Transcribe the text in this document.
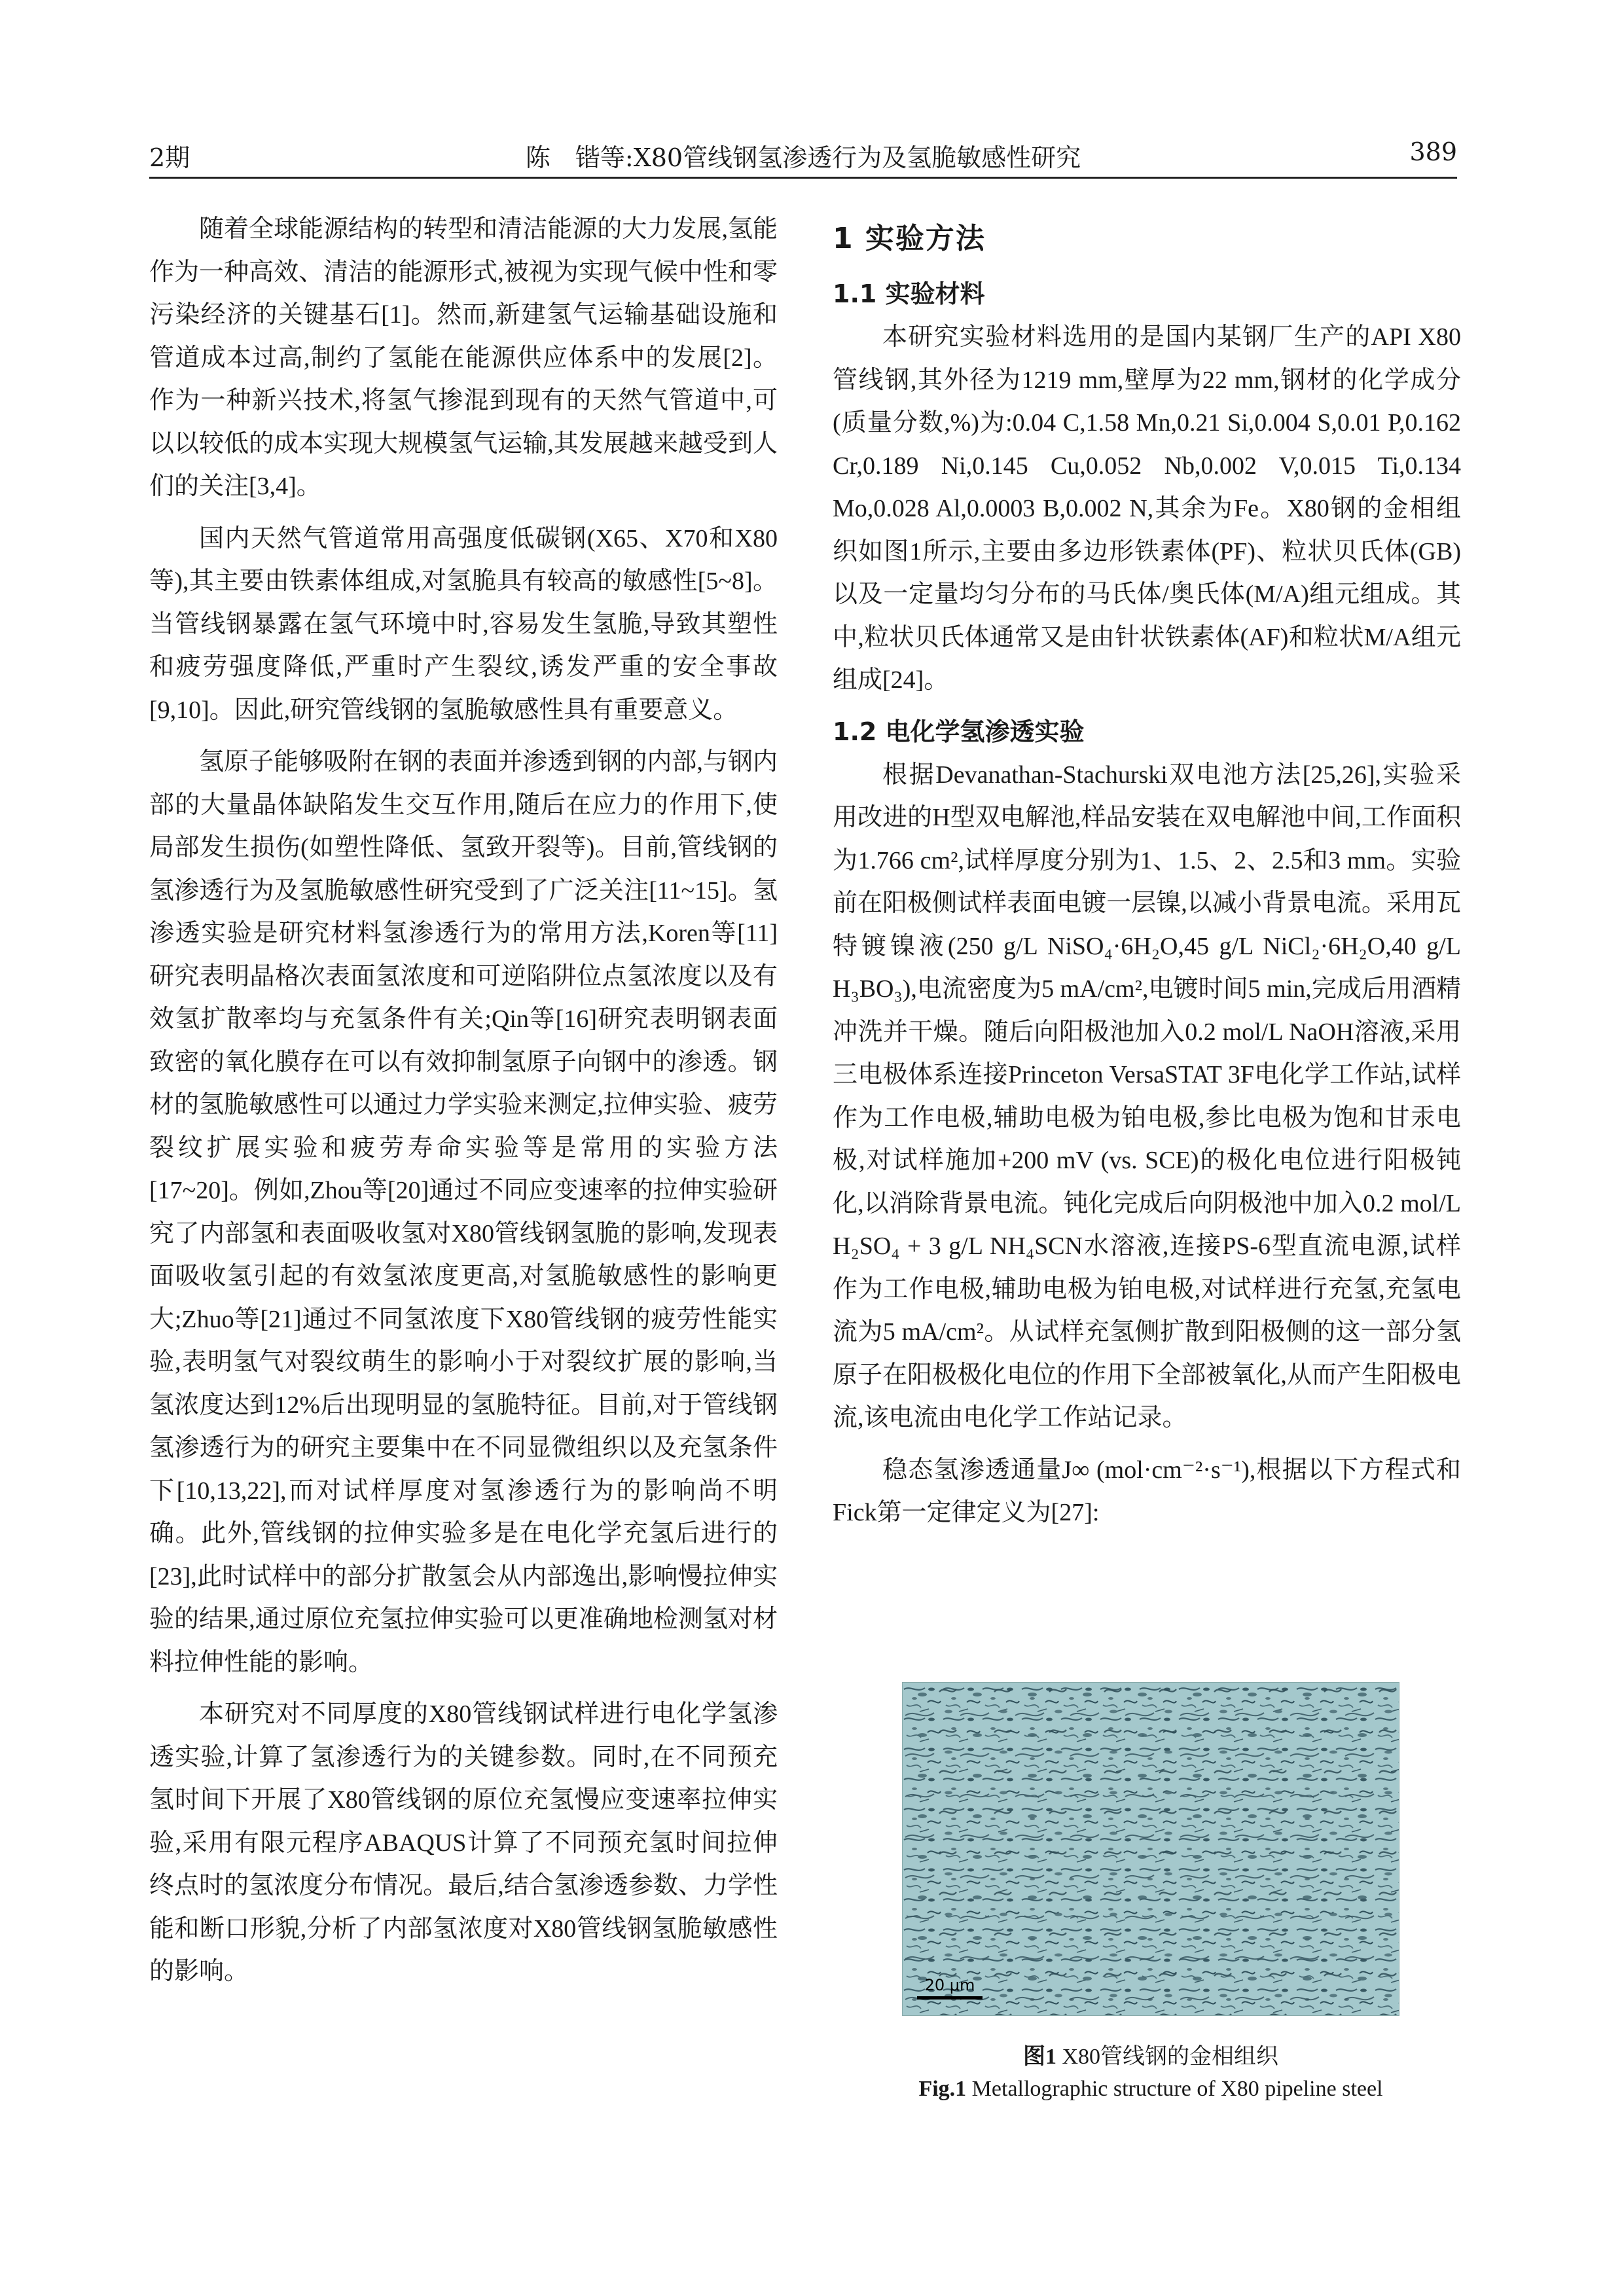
2期	陈　锴等:X80管线钢氢渗透行为及氢脆敏感性研究	389

随着全球能源结构的转型和清洁能源的大力发展,氢能作为一种高效、清洁的能源形式,被视为实现气候中性和零污染经济的关键基石[1]。然而,新建氢气运输基础设施和管道成本过高,制约了氢能在能源供应体系中的发展[2]。作为一种新兴技术,将氢气掺混到现有的天然气管道中,可以以较低的成本实现大规模氢气运输,其发展越来越受到人们的关注[3,4]。

国内天然气管道常用高强度低碳钢(X65、X70和X80等),其主要由铁素体组成,对氢脆具有较高的敏感性[5~8]。当管线钢暴露在氢气环境中时,容易发生氢脆,导致其塑性和疲劳强度降低,严重时产生裂纹,诱发严重的安全事故[9,10]。因此,研究管线钢的氢脆敏感性具有重要意义。

氢原子能够吸附在钢的表面并渗透到钢的内部,与钢内部的大量晶体缺陷发生交互作用,随后在应力的作用下,使局部发生损伤(如塑性降低、氢致开裂等)。目前,管线钢的氢渗透行为及氢脆敏感性研究受到了广泛关注[11~15]。氢渗透实验是研究材料氢渗透行为的常用方法,Koren等[11]研究表明晶格次表面氢浓度和可逆陷阱位点氢浓度以及有效氢扩散率均与充氢条件有关;Qin等[16]研究表明钢表面致密的氧化膜存在可以有效抑制氢原子向钢中的渗透。钢材的氢脆敏感性可以通过力学实验来测定,拉伸实验、疲劳裂纹扩展实验和疲劳寿命实验等是常用的实验方法[17~20]。例如,Zhou等[20]通过不同应变速率的拉伸实验研究了内部氢和表面吸收氢对X80管线钢氢脆的影响,发现表面吸收氢引起的有效氢浓度更高,对氢脆敏感性的影响更大;Zhuo等[21]通过不同氢浓度下X80管线钢的疲劳性能实验,表明氢气对裂纹萌生的影响小于对裂纹扩展的影响,当氢浓度达到12%后出现明显的氢脆特征。目前,对于管线钢氢渗透行为的研究主要集中在不同显微组织以及充氢条件下[10,13,22],而对试样厚度对氢渗透行为的影响尚不明确。此外,管线钢的拉伸实验多是在电化学充氢后进行的[23],此时试样中的部分扩散氢会从内部逸出,影响慢拉伸实验的结果,通过原位充氢拉伸实验可以更准确地检测氢对材料拉伸性能的影响。

本研究对不同厚度的X80管线钢试样进行电化学氢渗透实验,计算了氢渗透行为的关键参数。同时,在不同预充氢时间下开展了X80管线钢的原位充氢慢应变速率拉伸实验,采用有限元程序ABAQUS计算了不同预充氢时间拉伸终点时的氢浓度分布情况。最后,结合氢渗透参数、力学性能和断口形貌,分析了内部氢浓度对X80管线钢氢脆敏感性的影响。

1 实验方法
1.1 实验材料

本研究实验材料选用的是国内某钢厂生产的API X80管线钢,其外径为1219 mm,壁厚为22 mm,钢材的化学成分(质量分数,%)为:0.04 C,1.58 Mn,0.21 Si,0.004 S,0.01 P,0.162 Cr,0.189 Ni,0.145 Cu,0.052 Nb,0.002 V,0.015 Ti,0.134 Mo,0.028 Al,0.0003 B,0.002 N,其余为Fe。X80钢的金相组织如图1所示,主要由多边形铁素体(PF)、粒状贝氏体(GB)以及一定量均匀分布的马氏体/奥氏体(M/A)组元组成。其中,粒状贝氏体通常又是由针状铁素体(AF)和粒状M/A组元组成[24]。

1.2 电化学氢渗透实验

根据Devanathan-Stachurski双电池方法[25,26],实验采用改进的H型双电解池,样品安装在双电解池中间,工作面积为1.766 cm²,试样厚度分别为1、1.5、2、2.5和3 mm。实验前在阳极侧试样表面电镀一层镍,以减小背景电流。采用瓦特镀镍液(250 g/L NiSO₄·6H₂O,45 g/L NiCl₂·6H₂O,40 g/L H₃BO₃),电流密度为5 mA/cm²,电镀时间5 min,完成后用酒精冲洗并干燥。随后向阳极池加入0.2 mol/L NaOH溶液,采用三电极体系连接Princeton VersaSTAT 3F电化学工作站,试样作为工作电极,辅助电极为铂电极,参比电极为饱和甘汞电极,对试样施加+200 mV (vs. SCE)的极化电位进行阳极钝化,以消除背景电流。钝化完成后向阴极池中加入0.2 mol/L H₂SO₄ + 3 g/L NH₄SCN水溶液,连接PS-6型直流电源,试样作为工作电极,辅助电极为铂电极,对试样进行充氢,充氢电流为5 mA/cm²。从试样充氢侧扩散到阳极侧的这一部分氢原子在阳极极化电位的作用下全部被氧化,从而产生阳极电流,该电流由电化学工作站记录。

稳态氢渗透通量J∞ (mol·cm⁻²·s⁻¹),根据以下方程式和Fick第一定律定义为[27]:

20 μm
图1 X80管线钢的金相组织
Fig.1 Metallographic structure of X80 pipeline steel
